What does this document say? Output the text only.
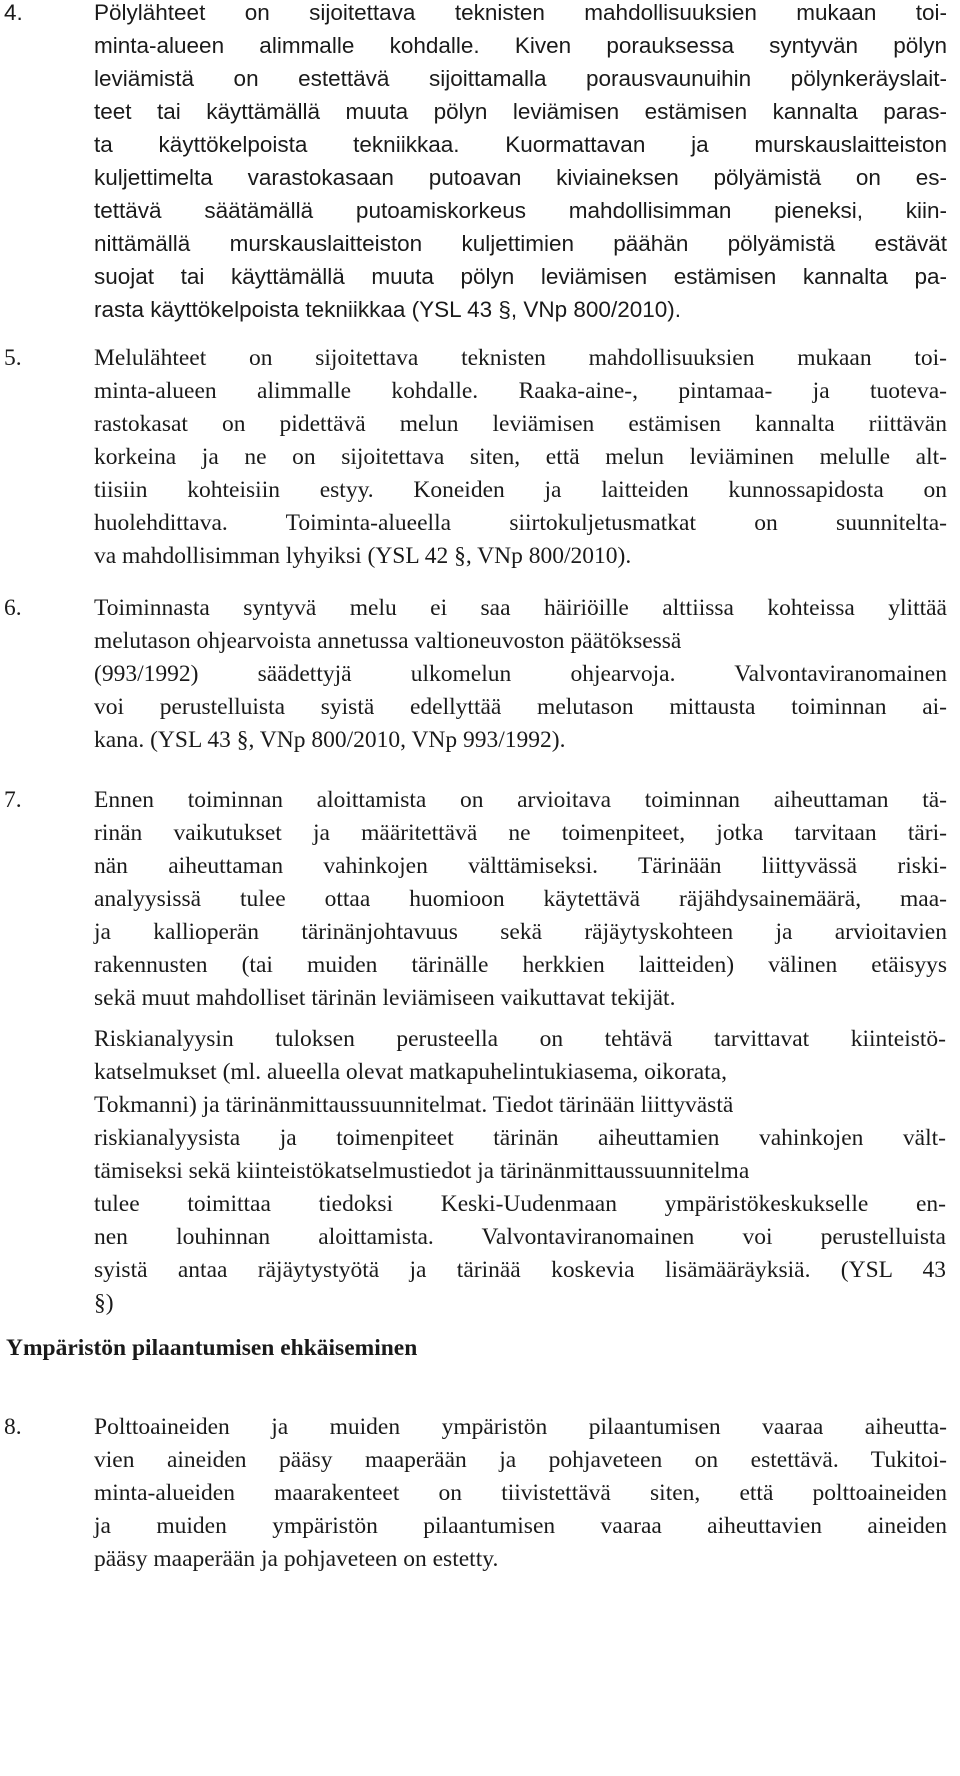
4.	Pölylähteet on sijoitettava teknisten mahdollisuuksien mukaan toi-
minta-alueen alimmalle kohdalle. Kiven porauksessa syntyvän pölyn
leviämistä on estettävä sijoittamalla porausvaunuihin pölynkeräyslait-
teet tai käyttämällä muuta pölyn leviämisen estämisen kannalta paras-
ta käyttökelpoista tekniikkaa. Kuormattavan ja murskauslaitteiston
kuljettimelta varastokasaan putoavan kiviaineksen pölyämistä on es-
tettävä säätämällä putoamiskorkeus mahdollisimman pieneksi, kiin-
nittämällä murskauslaitteiston kuljettimien päähän pölyämistä estävät
suojat tai käyttämällä muuta pölyn leviämisen estämisen kannalta pa-
rasta käyttökelpoista tekniikkaa (YSL 43 §, VNp 800/2010).
5.	Melulähteet on sijoitettava teknisten mahdollisuuksien mukaan toi-
minta-alueen alimmalle kohdalle. Raaka-aine-, pintamaa- ja tuoteva-
rastokasat on pidettävä melun leviämisen estämisen kannalta riittävän
korkeina ja ne on sijoitettava siten, että melun leviäminen melulle alt-
tiisiin kohteisiin estyy. Koneiden ja laitteiden kunnossapidosta on
huolehdittava. Toiminta-alueella siirtokuljetusmatkat on suunniteltа-
va mahdollisimman lyhyiksi (YSL 42 §, VNp 800/2010).
6.	Toiminnasta syntyvä melu ei saa häiriöille alttiissa kohteissa ylittää
melutason ohjearvoista annetussa valtioneuvoston päätöksessä
(993/1992) säädettyjä ulkomelun ohjearvoja. Valvontaviranomainen
voi perustelluista syistä edellyttää melutason mittausta toiminnan ai-
kana. (YSL 43 §, VNp 800/2010, VNp 993/1992).
7.	Ennen toiminnan aloittamista on arvioitava toiminnan aiheuttaman tä-
rinän vaikutukset ja määritettävä ne toimenpiteet, jotka tarvitaan täri-
nän aiheuttaman vahinkojen välttämiseksi. Tärinään liittyvässä riski-
analyysissä tulee ottaa huomioon käytettävä räjähdysainemäärä, maa-
ja kallioperän tärinänjohtavuus sekä räjäytyskohteen ja arvioitavien
rakennusten (tai muiden tärinälle herkkien laitteiden) välinen etäisyys
sekä muut mahdolliset tärinän leviämiseen vaikuttavat tekijät.
Riskianalyysin tuloksen perusteella on tehtävä tarvittavat kiinteistö-
katselmukset (ml. alueella olevat matkapuhelintukiasema, oikorata,
Tokmanni) ja tärinänmittaussuunnitelmat. Tiedot tärinään liittyvästä
riskianalyysista ja toimenpiteet tärinän aiheuttamien vahinkojen vält-
tämiseksi sekä kiinteistökatselmustiedot ja tärinänmittaussuunnitelma
tulee toimittaa tiedoksi Keski-Uudenmaan ympäristökeskukselle en-
nen louhinnan aloittamista. Valvontaviranomainen voi perustelluista
syistä antaa räjäytystyötä ja tärinää koskevia lisämääräyksiä. (YSL 43
§)
Ympäristön pilaantumisen ehkäiseminen
8.	Polttoaineiden ja muiden ympäristön pilaantumisen vaaraa aiheutta-
vien aineiden pääsy maaperään ja pohjaveteen on estettävä. Tukitoi-
minta-alueiden maarakenteet on tiivistettävä siten, että polttoaineiden
ja muiden ympäristön pilaantumisen vaaraa aiheuttavien aineiden
pääsy maaperään ja pohjaveteen on estetty.
